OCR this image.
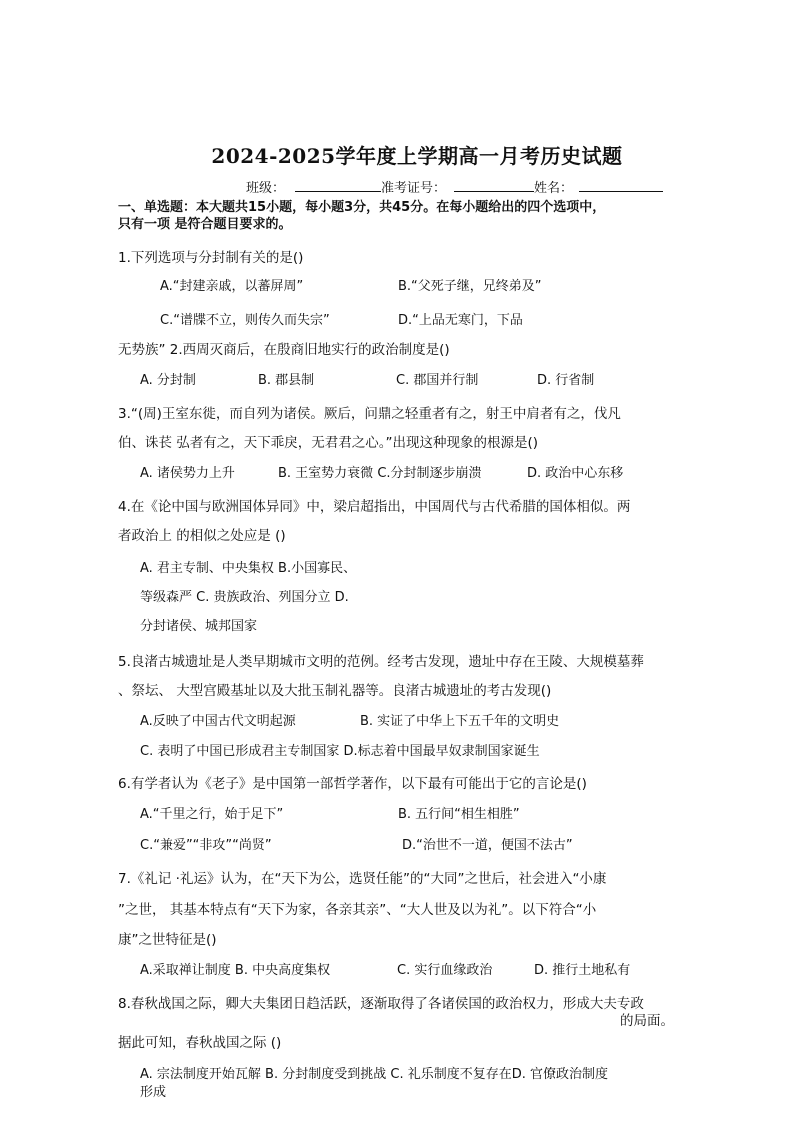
2024-2025学年度上学期高一月考历史试题
班级：	准考证号：	姓名：
一、单选题：本大题共15小题，每小题3分，共45分。在每小题给出的四个选项中，
只有一项 是符合题目要求的。
1.下列选项与分封制有关的是()
A.“封建亲戚，以蕃屏周”	B.“父死子继，兄终弟及”
C.“谱牒不立，则传久而失宗”	D.“上品无寒门，下品
无势族” 2.西周灭商后，在殷商旧地实行的政治制度是()
A. 分封制	B. 郡县制	C. 郡国并行制	D. 行省制
3.“(周)王室东徙，而自列为诸侯。厥后，问鼎之轻重者有之，射王中肩者有之，伐凡
伯、诛苌 弘者有之，天下乖戾，无君君之心。”出现这种现象的根源是()
A. 诸侯势力上升	B. 王室势力衰微 C.分封制逐步崩溃	D. 政治中心东移
4.在《论中国与欧洲国体异同》中，梁启超指出，中国周代与古代希腊的国体相似。两
者政治上 的相似之处应是 ()
A. 君主专制、中央集权 B.小国寡民、
等级森严 C. 贵族政治、列国分立 D.
分封诸侯、城邦国家
5.良渚古城遗址是人类早期城市文明的范例。经考古发现，遗址中存在王陵、大规模墓葬
、祭坛、 大型宫殿基址以及大批玉制礼器等。良渚古城遗址的考古发现()
A.反映了中国古代文明起源	B. 实证了中华上下五千年的文明史
C. 表明了中国已形成君主专制国家 D.标志着中国最早奴隶制国家诞生
6.有学者认为《老子》是中国第一部哲学著作，以下最有可能出于它的言论是()
A.“千里之行，始于足下”	B. 五行间“相生相胜”
C.“兼爱”“非攻”“尚贤”	D.“治世不一道，便国不法古”
7.《礼记 ·礼运》认为，在“天下为公，选贤任能”的“大同”之世后，社会进入“小康
”之世， 其基本特点有“天下为家，各亲其亲”、“大人世及以为礼”。以下符合“小
康”之世特征是()
A.采取禅让制度 B. 中央高度集权	C. 实行血缘政治	D. 推行土地私有
8.春秋战国之际，卿大夫集团日趋活跃，逐渐取得了各诸侯国的政治权力，形成大夫专政
的局面。
据此可知，春秋战国之际 ()
A. 宗法制度开始瓦解 B. 分封制度受到挑战 C. 礼乐制度不复存在D. 官僚政治制度
形成
